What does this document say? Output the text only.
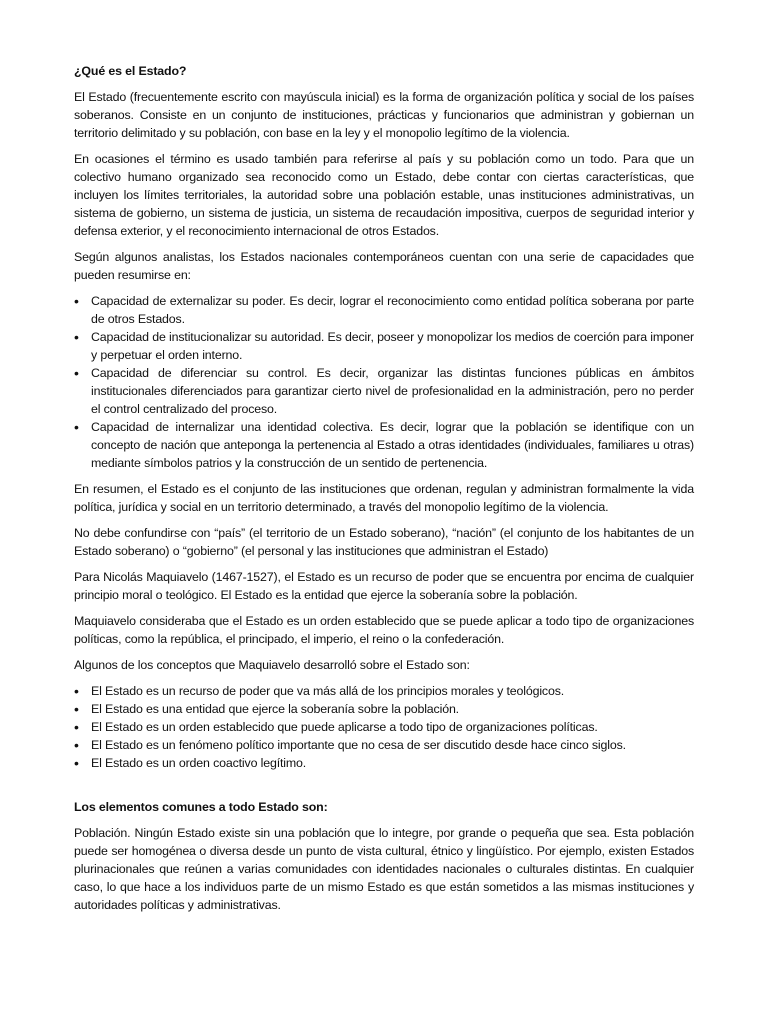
¿Qué es el Estado?

El Estado (frecuentemente escrito con mayúscula inicial) es la forma de organización política y social de los países soberanos. Consiste en un conjunto de instituciones, prácticas y funcionarios que administran y gobiernan un territorio delimitado y su población, con base en la ley y el monopolio legítimo de la violencia.

En ocasiones el término es usado también para referirse al país y su población como un todo. Para que un colectivo humano organizado sea reconocido como un Estado, debe contar con ciertas características, que incluyen los límites territoriales, la autoridad sobre una población estable, unas instituciones administrativas, un sistema de gobierno, un sistema de justicia, un sistema de recaudación impositiva, cuerpos de seguridad interior y defensa exterior, y el reconocimiento internacional de otros Estados.

Según algunos analistas, los Estados nacionales contemporáneos cuentan con una serie de capacidades que pueden resumirse en:

• Capacidad de externalizar su poder. Es decir, lograr el reconocimiento como entidad política soberana por parte de otros Estados.
• Capacidad de institucionalizar su autoridad. Es decir, poseer y monopolizar los medios de coerción para imponer y perpetuar el orden interno.
• Capacidad de diferenciar su control. Es decir, organizar las distintas funciones públicas en ámbitos institucionales diferenciados para garantizar cierto nivel de profesionalidad en la administración, pero no perder el control centralizado del proceso.
• Capacidad de internalizar una identidad colectiva. Es decir, lograr que la población se identifique con un concepto de nación que anteponga la pertenencia al Estado a otras identidades (individuales, familiares u otras) mediante símbolos patrios y la construcción de un sentido de pertenencia.

En resumen, el Estado es el conjunto de las instituciones que ordenan, regulan y administran formalmente la vida política, jurídica y social en un territorio determinado, a través del monopolio legítimo de la violencia.

No debe confundirse con “país” (el territorio de un Estado soberano), “nación” (el conjunto de los habitantes de un Estado soberano) o “gobierno” (el personal y las instituciones que administran el Estado)

Para Nicolás Maquiavelo (1467-1527), el Estado es un recurso de poder que se encuentra por encima de cualquier principio moral o teológico. El Estado es la entidad que ejerce la soberanía sobre la población.

Maquiavelo consideraba que el Estado es un orden establecido que se puede aplicar a todo tipo de organizaciones políticas, como la república, el principado, el imperio, el reino o la confederación.

Algunos de los conceptos que Maquiavelo desarrolló sobre el Estado son:

• El Estado es un recurso de poder que va más allá de los principios morales y teológicos.
• El Estado es una entidad que ejerce la soberanía sobre la población.
• El Estado es un orden establecido que puede aplicarse a todo tipo de organizaciones políticas.
• El Estado es un fenómeno político importante que no cesa de ser discutido desde hace cinco siglos.
• El Estado es un orden coactivo legítimo.
Los elementos comunes a todo Estado son:

Población. Ningún Estado existe sin una población que lo integre, por grande o pequeña que sea. Esta población puede ser homogénea o diversa desde un punto de vista cultural, étnico y lingüístico. Por ejemplo, existen Estados plurinacionales que reúnen a varias comunidades con identidades nacionales o culturales distintas. En cualquier caso, lo que hace a los individuos parte de un mismo Estado es que están sometidos a las mismas instituciones y autoridades políticas y administrativas.
